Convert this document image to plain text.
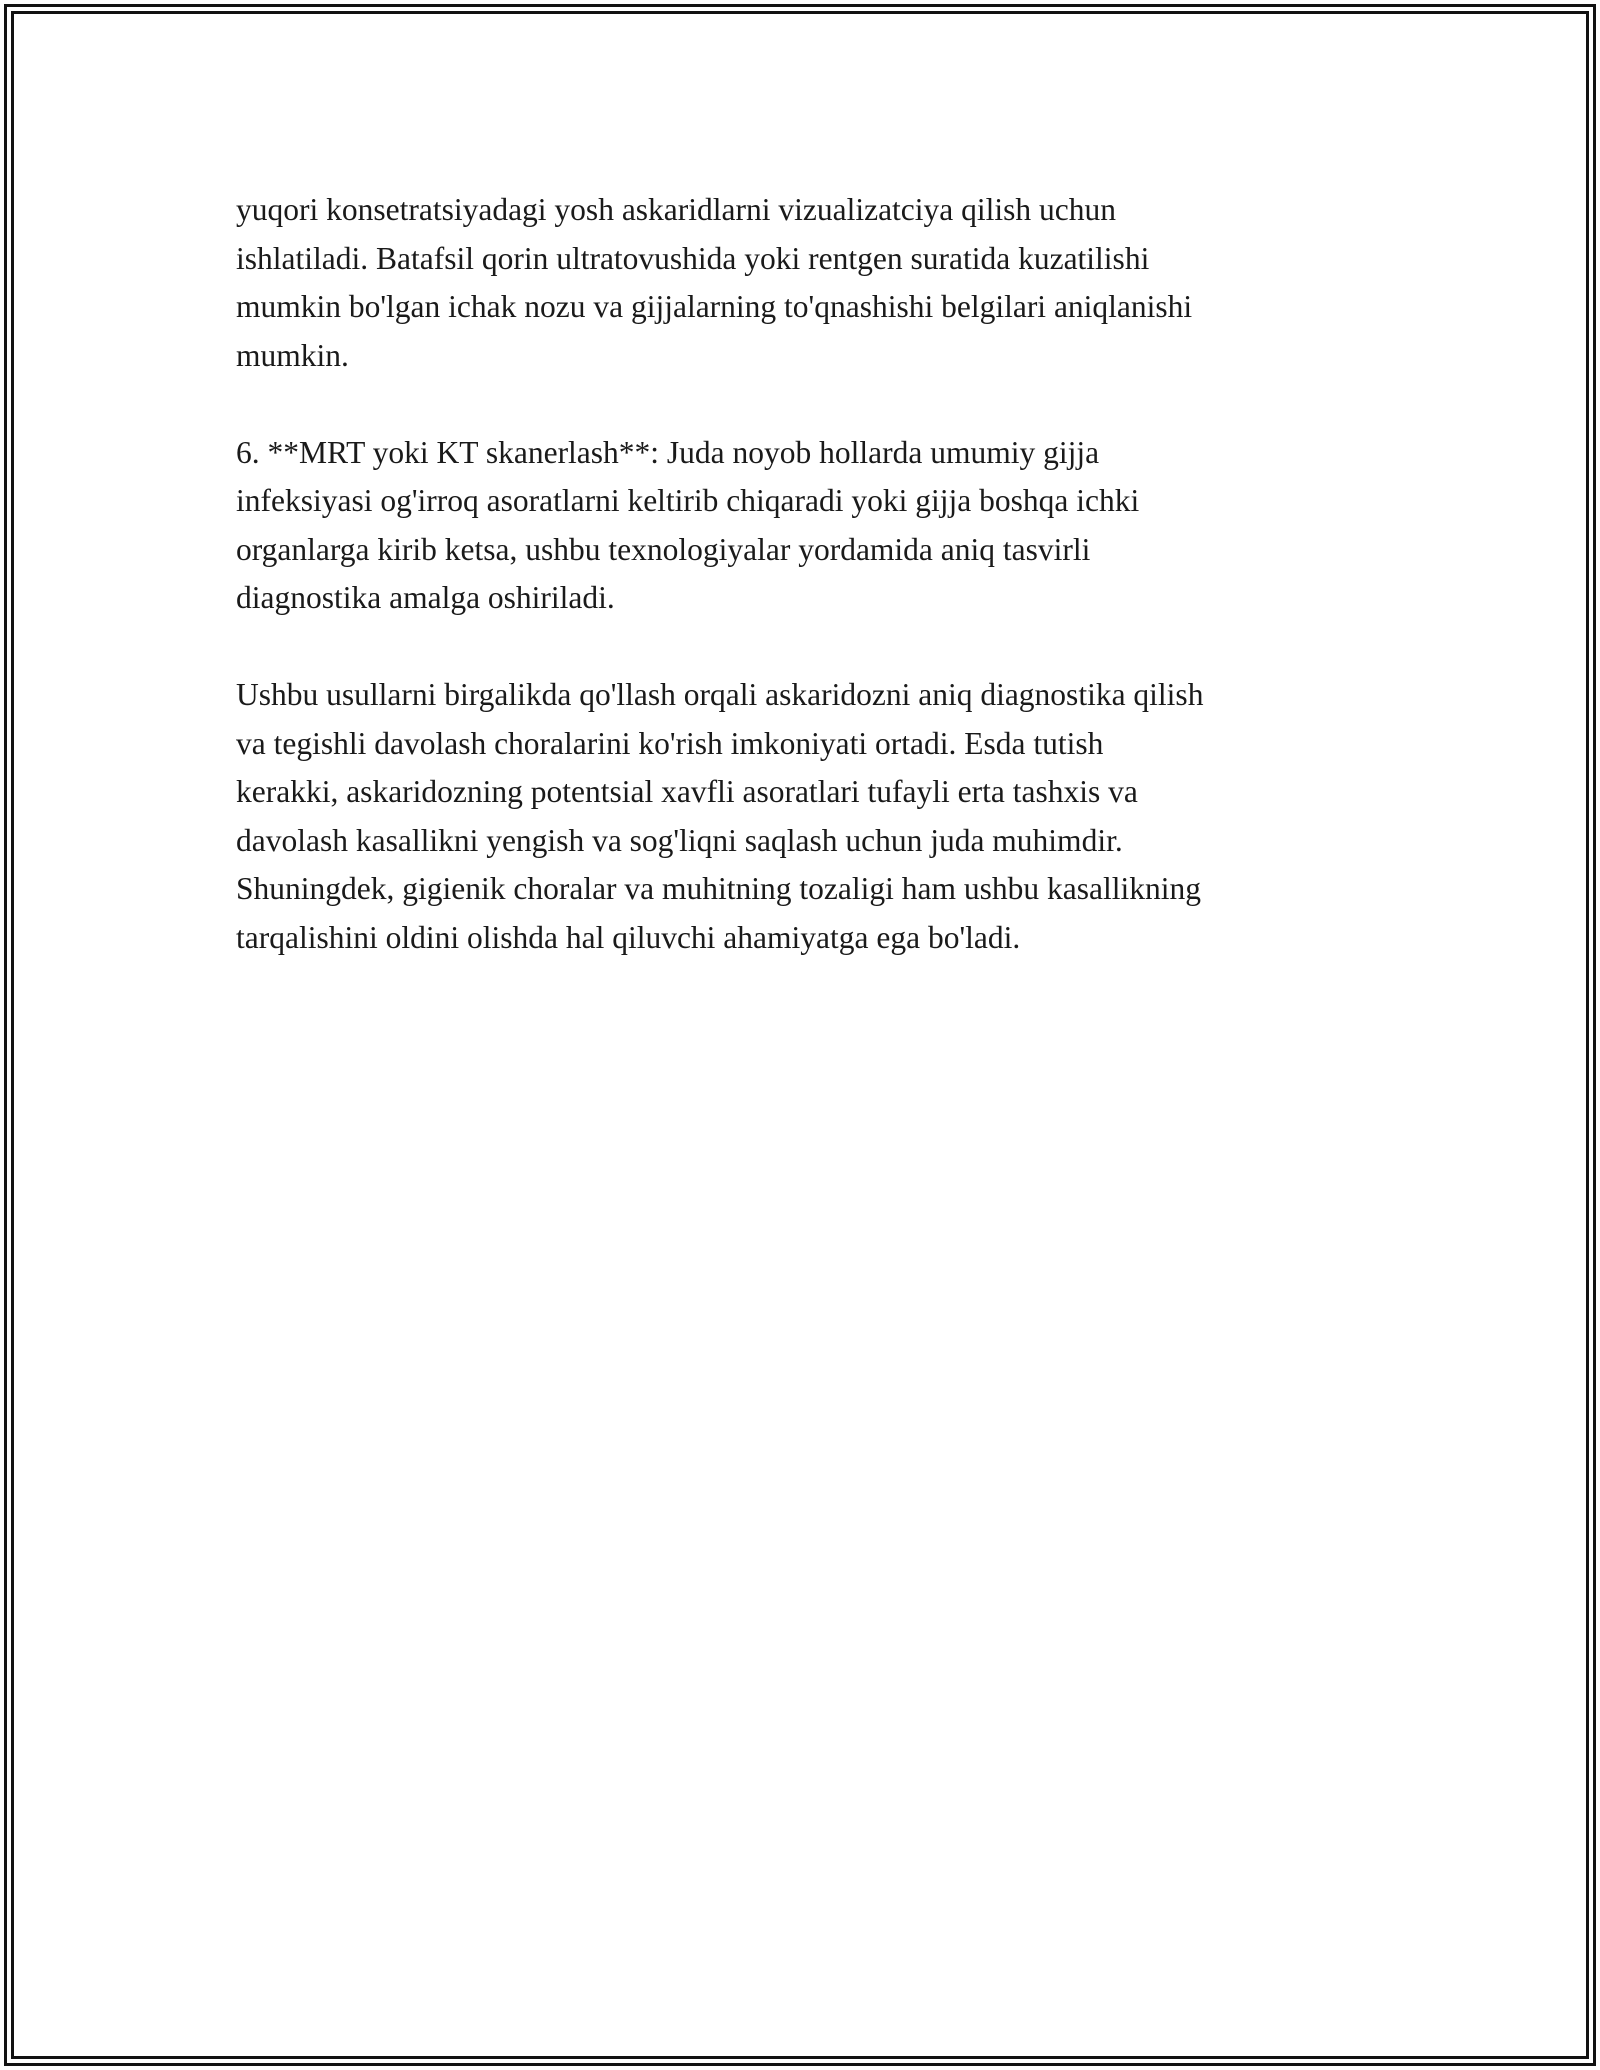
yuqori konsetratsiyadagi yosh askaridlarni vizualizatciya qilish uchun
ishlatiladi. Batafsil qorin ultratovushida yoki rentgen suratida kuzatilishi
mumkin bo'lgan ichak nozu va gijjalarning to'qnashishi belgilari aniqlanishi
mumkin.

6. **MRT yoki KT skanerlash**: Juda noyob hollarda umumiy gijja
infeksiyasi og'irroq asoratlarni keltirib chiqaradi yoki gijja boshqa ichki
organlarga kirib ketsa, ushbu texnologiyalar yordamida aniq tasvirli
diagnostika amalga oshiriladi.

Ushbu usullarni birgalikda qo'llash orqali askaridozni aniq diagnostika qilish
va tegishli davolash choralarini ko'rish imkoniyati ortadi. Esda tutish
kerakki, askaridozning potentsial xavfli asoratlari tufayli erta tashxis va
davolash kasallikni yengish va sog'liqni saqlash uchun juda muhimdir.
Shuningdek, gigienik choralar va muhitning tozaligi ham ushbu kasallikning
tarqalishini oldini olishda hal qiluvchi ahamiyatga ega bo'ladi.
